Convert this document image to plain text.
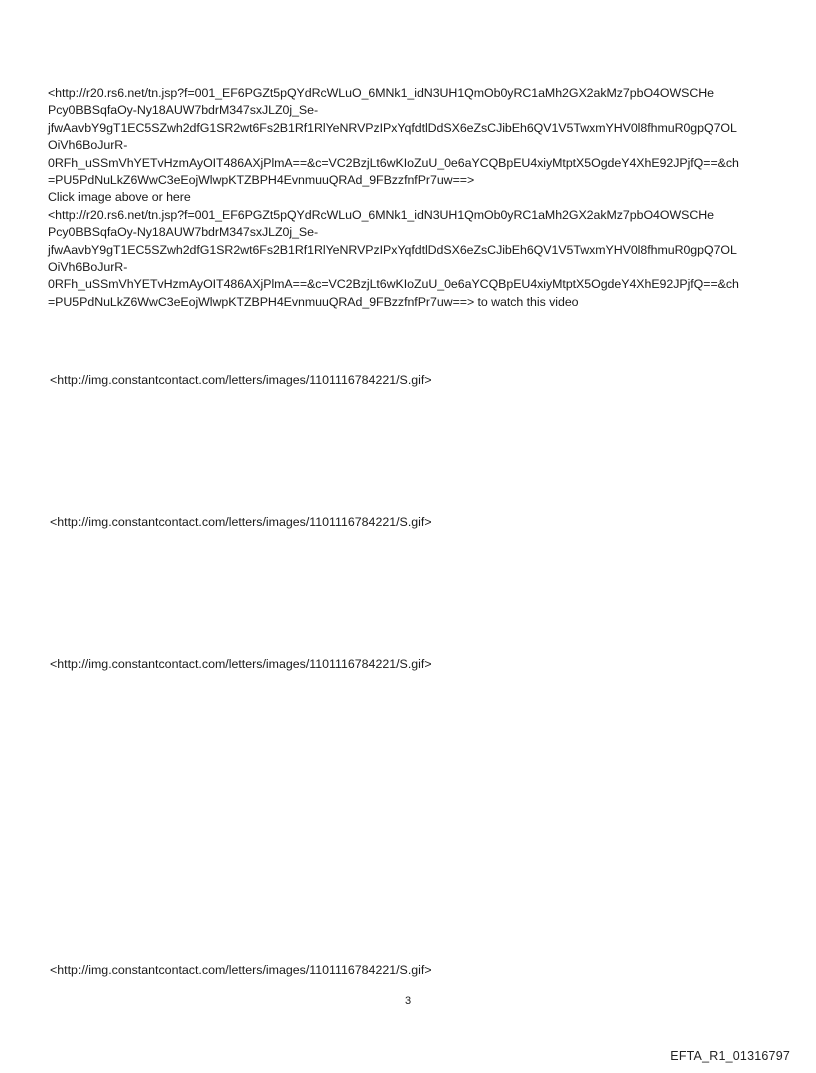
<http://r20.rs6.net/tn.jsp?f=001_EF6PGZt5pQYdRcWLuO_6MNk1_idN3UH1QmOb0yRC1aMh2GX2akMz7pbO4OWSCHe
Pcy0BBSqfaOy-Ny18AUW7bdrM347sxJLZ0j_Se-
jfwAavbY9gT1EC5SZwh2dfG1SR2wt6Fs2B1Rf1RlYeNRVPzIPxYqfdtlDdSX6eZsCJibEh6QV1V5TwxmYHV0l8fhmuR0gpQ7OL
OiVh6BoJurR-
0RFh_uSSmVhYETvHzmAyOIT486AXjPlmA==&c=VC2BzjLt6wKIoZuU_0e6aYCQBpEU4xiyMtptX5OgdeY4XhE92JPjfQ==&ch
=PU5PdNuLkZ6WwC3eEojWlwpKTZBPH4EvnmuuQRAd_9FBzzfnfPr7uw==>
Click image above or here
<http://r20.rs6.net/tn.jsp?f=001_EF6PGZt5pQYdRcWLuO_6MNk1_idN3UH1QmOb0yRC1aMh2GX2akMz7pbO4OWSCHe
Pcy0BBSqfaOy-Ny18AUW7bdrM347sxJLZ0j_Se-
jfwAavbY9gT1EC5SZwh2dfG1SR2wt6Fs2B1Rf1RlYeNRVPzIPxYqfdtlDdSX6eZsCJibEh6QV1V5TwxmYHV0l8fhmuR0gpQ7OL
OiVh6BoJurR-
0RFh_uSSmVhYETvHzmAyOIT486AXjPlmA==&c=VC2BzjLt6wKIoZuU_0e6aYCQBpEU4xiyMtptX5OgdeY4XhE92JPjfQ==&ch
=PU5PdNuLkZ6WwC3eEojWlwpKTZBPH4EvnmuuQRAd_9FBzzfnfPr7uw==> to watch this video
<http://img.constantcontact.com/letters/images/1101116784221/S.gif>
<http://img.constantcontact.com/letters/images/1101116784221/S.gif>
<http://img.constantcontact.com/letters/images/1101116784221/S.gif>
<http://img.constantcontact.com/letters/images/1101116784221/S.gif>
3
EFTA_R1_01316797
